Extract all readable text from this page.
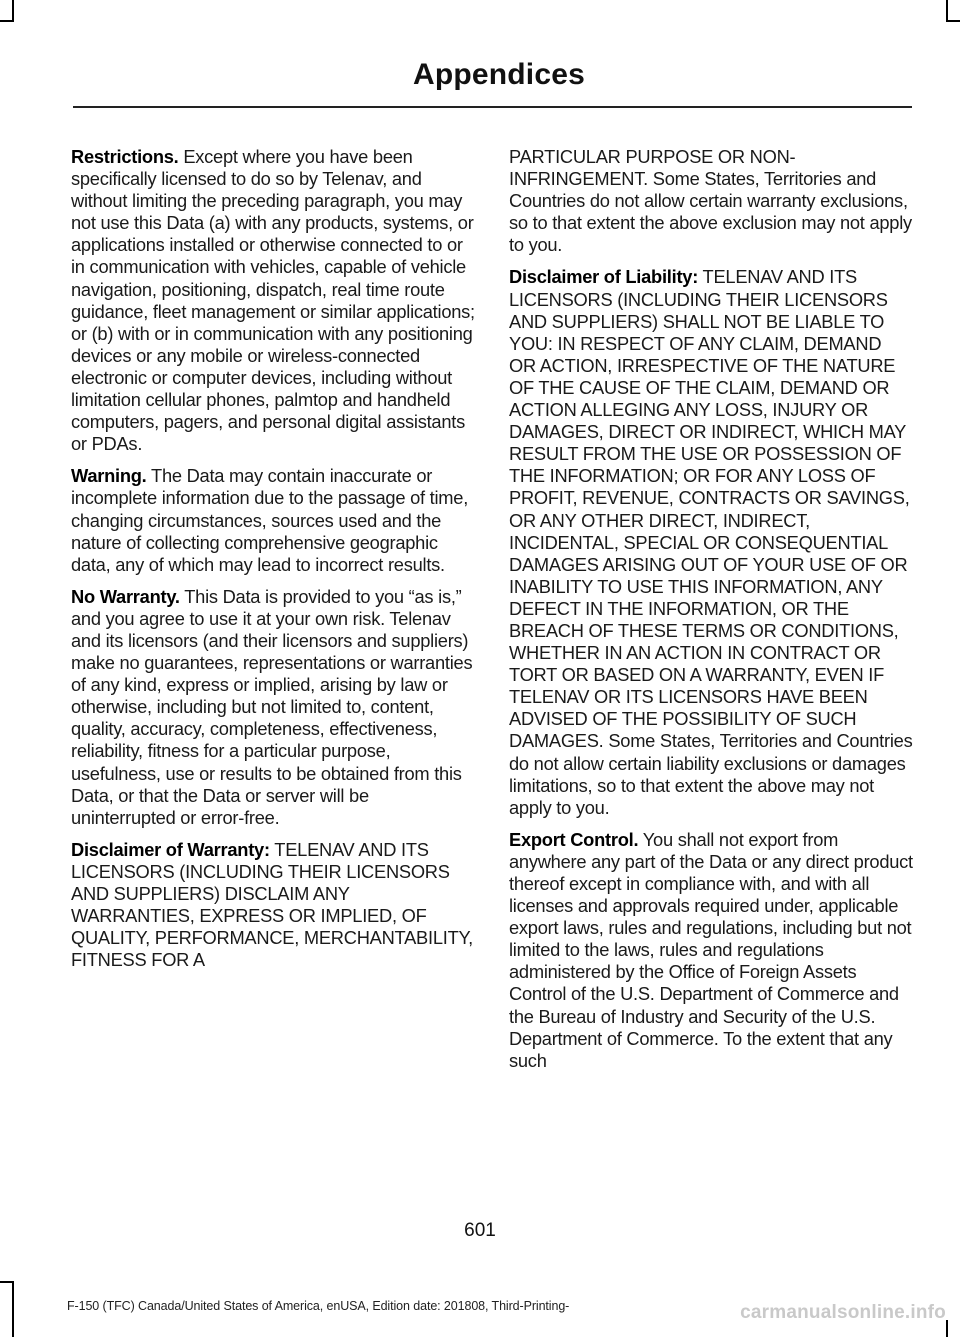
Appendices

Restrictions. Except where you have been specifically licensed to do so by Telenav, and without limiting the preceding paragraph, you may not use this Data (a) with any products, systems, or applications installed or otherwise connected to or in communication with vehicles, capable of vehicle navigation, positioning, dispatch, real time route guidance, fleet management or similar applications; or (b) with or in communication with any positioning devices or any mobile or wireless-connected electronic or computer devices, including without limitation cellular phones, palmtop and handheld computers, pagers, and personal digital assistants or PDAs.

Warning. The Data may contain inaccurate or incomplete information due to the passage of time, changing circumstances, sources used and the nature of collecting comprehensive geographic data, any of which may lead to incorrect results.

No Warranty. This Data is provided to you “as is,” and you agree to use it at your own risk. Telenav and its licensors (and their licensors and suppliers) make no guarantees, representations or warranties of any kind, express or implied, arising by law or otherwise, including but not limited to, content, quality, accuracy, completeness, effectiveness, reliability, fitness for a particular purpose, usefulness, use or results to be obtained from this Data, or that the Data or server will be uninterrupted or error-free.

Disclaimer of Warranty: TELENAV AND ITS LICENSORS (INCLUDING THEIR LICENSORS AND SUPPLIERS) DISCLAIM ANY WARRANTIES, EXPRESS OR IMPLIED, OF QUALITY, PERFORMANCE, MERCHANTABILITY, FITNESS FOR A

PARTICULAR PURPOSE OR NON-INFRINGEMENT. Some States, Territories and Countries do not allow certain warranty exclusions, so to that extent the above exclusion may not apply to you.

Disclaimer of Liability: TELENAV AND ITS LICENSORS (INCLUDING THEIR LICENSORS AND SUPPLIERS) SHALL NOT BE LIABLE TO YOU: IN RESPECT OF ANY CLAIM, DEMAND OR ACTION, IRRESPECTIVE OF THE NATURE OF THE CAUSE OF THE CLAIM, DEMAND OR ACTION ALLEGING ANY LOSS, INJURY OR DAMAGES, DIRECT OR INDIRECT, WHICH MAY RESULT FROM THE USE OR POSSESSION OF THE INFORMATION; OR FOR ANY LOSS OF PROFIT, REVENUE, CONTRACTS OR SAVINGS, OR ANY OTHER DIRECT, INDIRECT, INCIDENTAL, SPECIAL OR CONSEQUENTIAL DAMAGES ARISING OUT OF YOUR USE OF OR INABILITY TO USE THIS INFORMATION, ANY DEFECT IN THE INFORMATION, OR THE BREACH OF THESE TERMS OR CONDITIONS, WHETHER IN AN ACTION IN CONTRACT OR TORT OR BASED ON A WARRANTY, EVEN IF TELENAV OR ITS LICENSORS HAVE BEEN ADVISED OF THE POSSIBILITY OF SUCH DAMAGES. Some States, Territories and Countries do not allow certain liability exclusions or damages limitations, so to that extent the above may not apply to you.

Export Control. You shall not export from anywhere any part of the Data or any direct product thereof except in compliance with, and with all licenses and approvals required under, applicable export laws, rules and regulations, including but not limited to the laws, rules and regulations administered by the Office of Foreign Assets Control of the U.S. Department of Commerce and the Bureau of Industry and Security of the U.S. Department of Commerce. To the extent that any such

601
F-150 (TFC) Canada/United States of America, enUSA, Edition date: 201808, Third-Printing-	carmanualsonline.info
